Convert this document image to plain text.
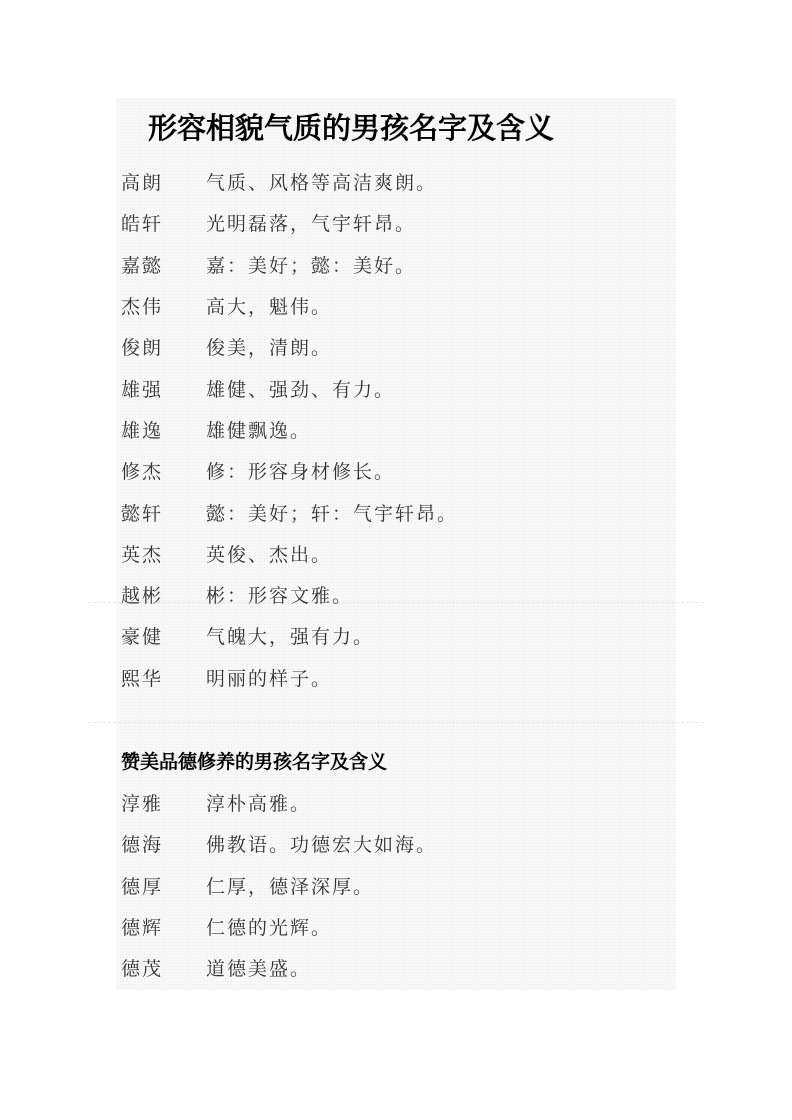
形容相貌气质的男孩名字及含义
高朗	气质、风格等高洁爽朗。
皓轩	光明磊落，气宇轩昂。
嘉懿	嘉：美好；懿：美好。
杰伟	高大，魁伟。
俊朗	俊美，清朗。
雄强	雄健、强劲、有力。
雄逸	雄健飘逸。
修杰	修：形容身材修长。
懿轩	懿：美好；轩：气宇轩昂。
英杰	英俊、杰出。
越彬	彬：形容文雅。
豪健	气魄大，强有力。
熙华	明丽的样子。
赞美品德修养的男孩名字及含义
淳雅	淳朴高雅。
德海	佛教语。功德宏大如海。
德厚	仁厚，德泽深厚。
德辉	仁德的光辉。
德茂	道德美盛。
